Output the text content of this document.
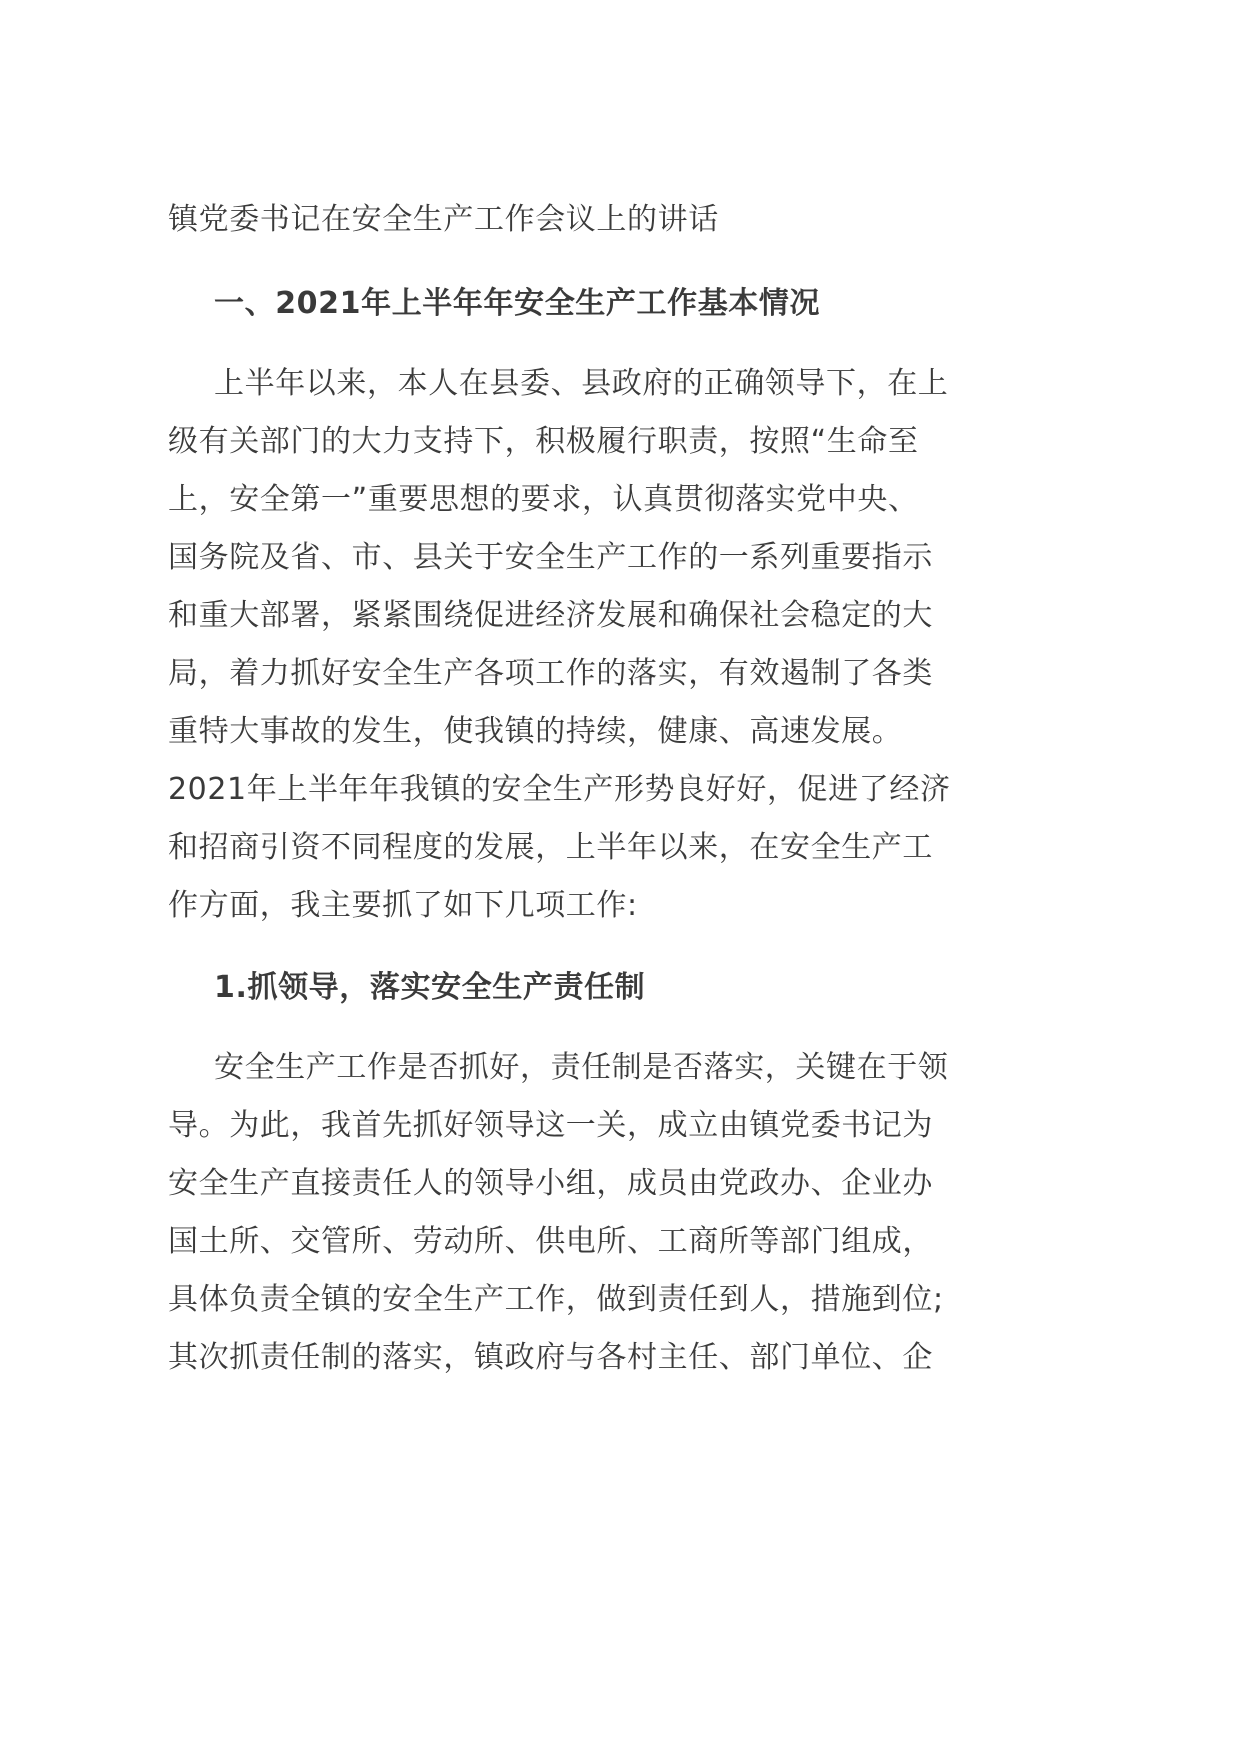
镇党委书记在安全生产工作会议上的讲话
一、2021年上半年年安全生产工作基本情况
上半年以来，本人在县委、县政府的正确领导下，在上
级有关部门的大力支持下，积极履行职责，按照“生命至
上，安全第一”重要思想的要求，认真贯彻落实党中央、
国务院及省、市、县关于安全生产工作的一系列重要指示
和重大部署，紧紧围绕促进经济发展和确保社会稳定的大
局，着力抓好安全生产各项工作的落实，有效遏制了各类
重特大事故的发生，使我镇的持续，健康、高速发展。
2021年上半年年我镇的安全生产形势良好好，促进了经济
和招商引资不同程度的发展，上半年以来，在安全生产工
作方面，我主要抓了如下几项工作:
1.抓领导，落实安全生产责任制
安全生产工作是否抓好，责任制是否落实，关键在于领
导。为此，我首先抓好领导这一关，成立由镇党委书记为
安全生产直接责任人的领导小组，成员由党政办、企业办
国土所、交管所、劳动所、供电所、工商所等部门组成，
具体负责全镇的安全生产工作，做到责任到人，措施到位;
其次抓责任制的落实，镇政府与各村主任、部门单位、企
